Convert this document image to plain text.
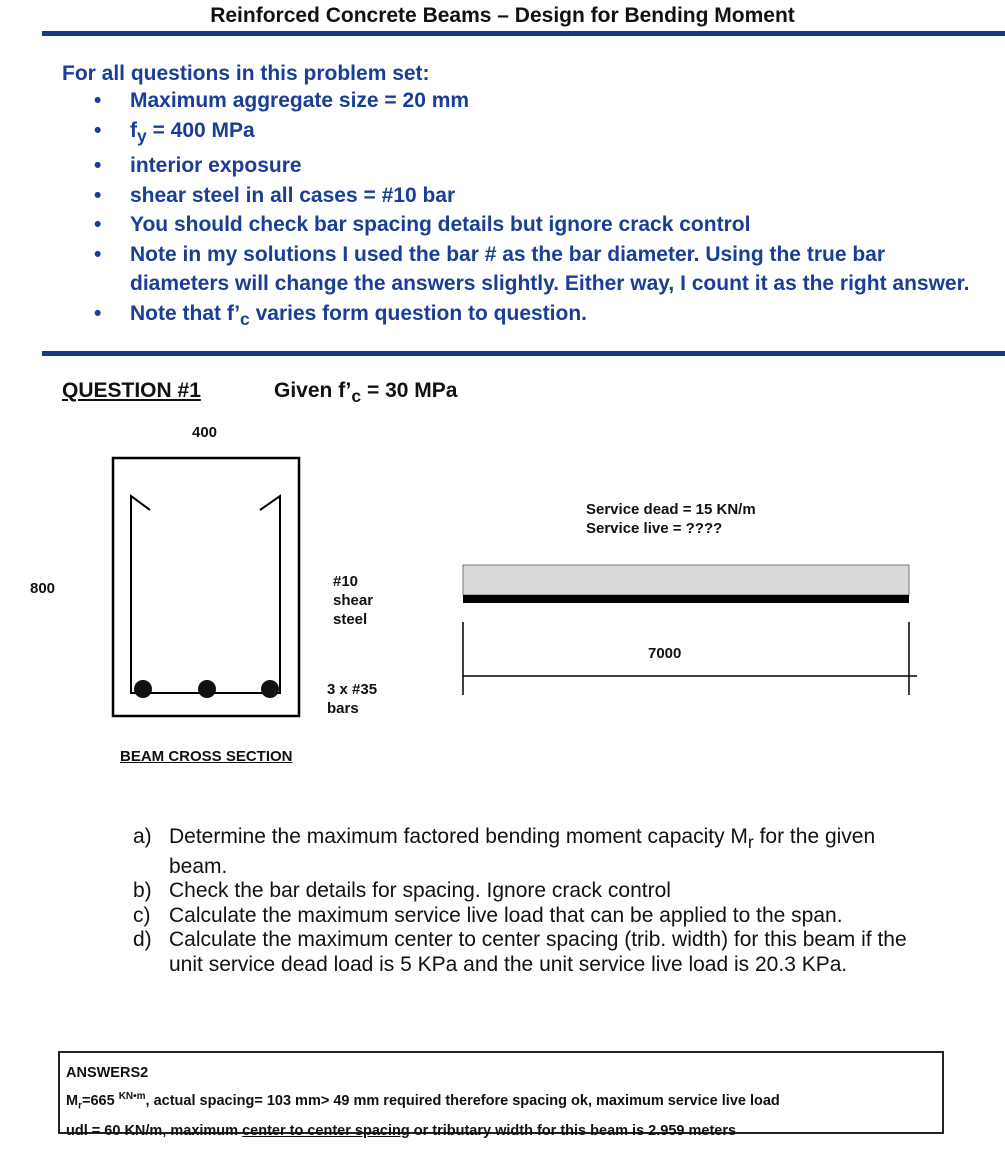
Reinforced Concrete Beams – Design for Bending Moment
For all questions in this problem set:
• Maximum aggregate size = 20 mm
• $f_y = 400$ MPa
• interior exposure
• shear steel in all cases = #10 bar
• You should check bar spacing details but ignore crack control
• Note in my solutions I used the bar # as the bar diameter. Using the true bar diameters will change the answers slightly. Either way, I count it as the right answer.
• Note that $f’_c$ varies form question to question.
QUESTION #1	Given $f’_c = 30$ MPa
400
800	#10
shear
steel
3 x #35
bars
BEAM CROSS SECTION
Service dead = 15 KN/m
Service live = ????
7000
a) Determine the maximum factored bending moment capacity $M_r$ for the given beam.
b) Check the bar details for spacing. Ignore crack control
c) Calculate the maximum service live load that can be applied to the span.
d) Calculate the maximum center to center spacing (trib. width) for this beam if the unit service dead load is 5 KPa and the unit service live load is 20.3 KPa.
ANSWERS2
$M_r=665$ $^{KN•m}$, actual spacing= 103 mm> 49 mm required therefore spacing ok, maximum service live load
udl = 60 KN/m, maximum center to center spacing or tributary width for this beam is 2.959 meters
